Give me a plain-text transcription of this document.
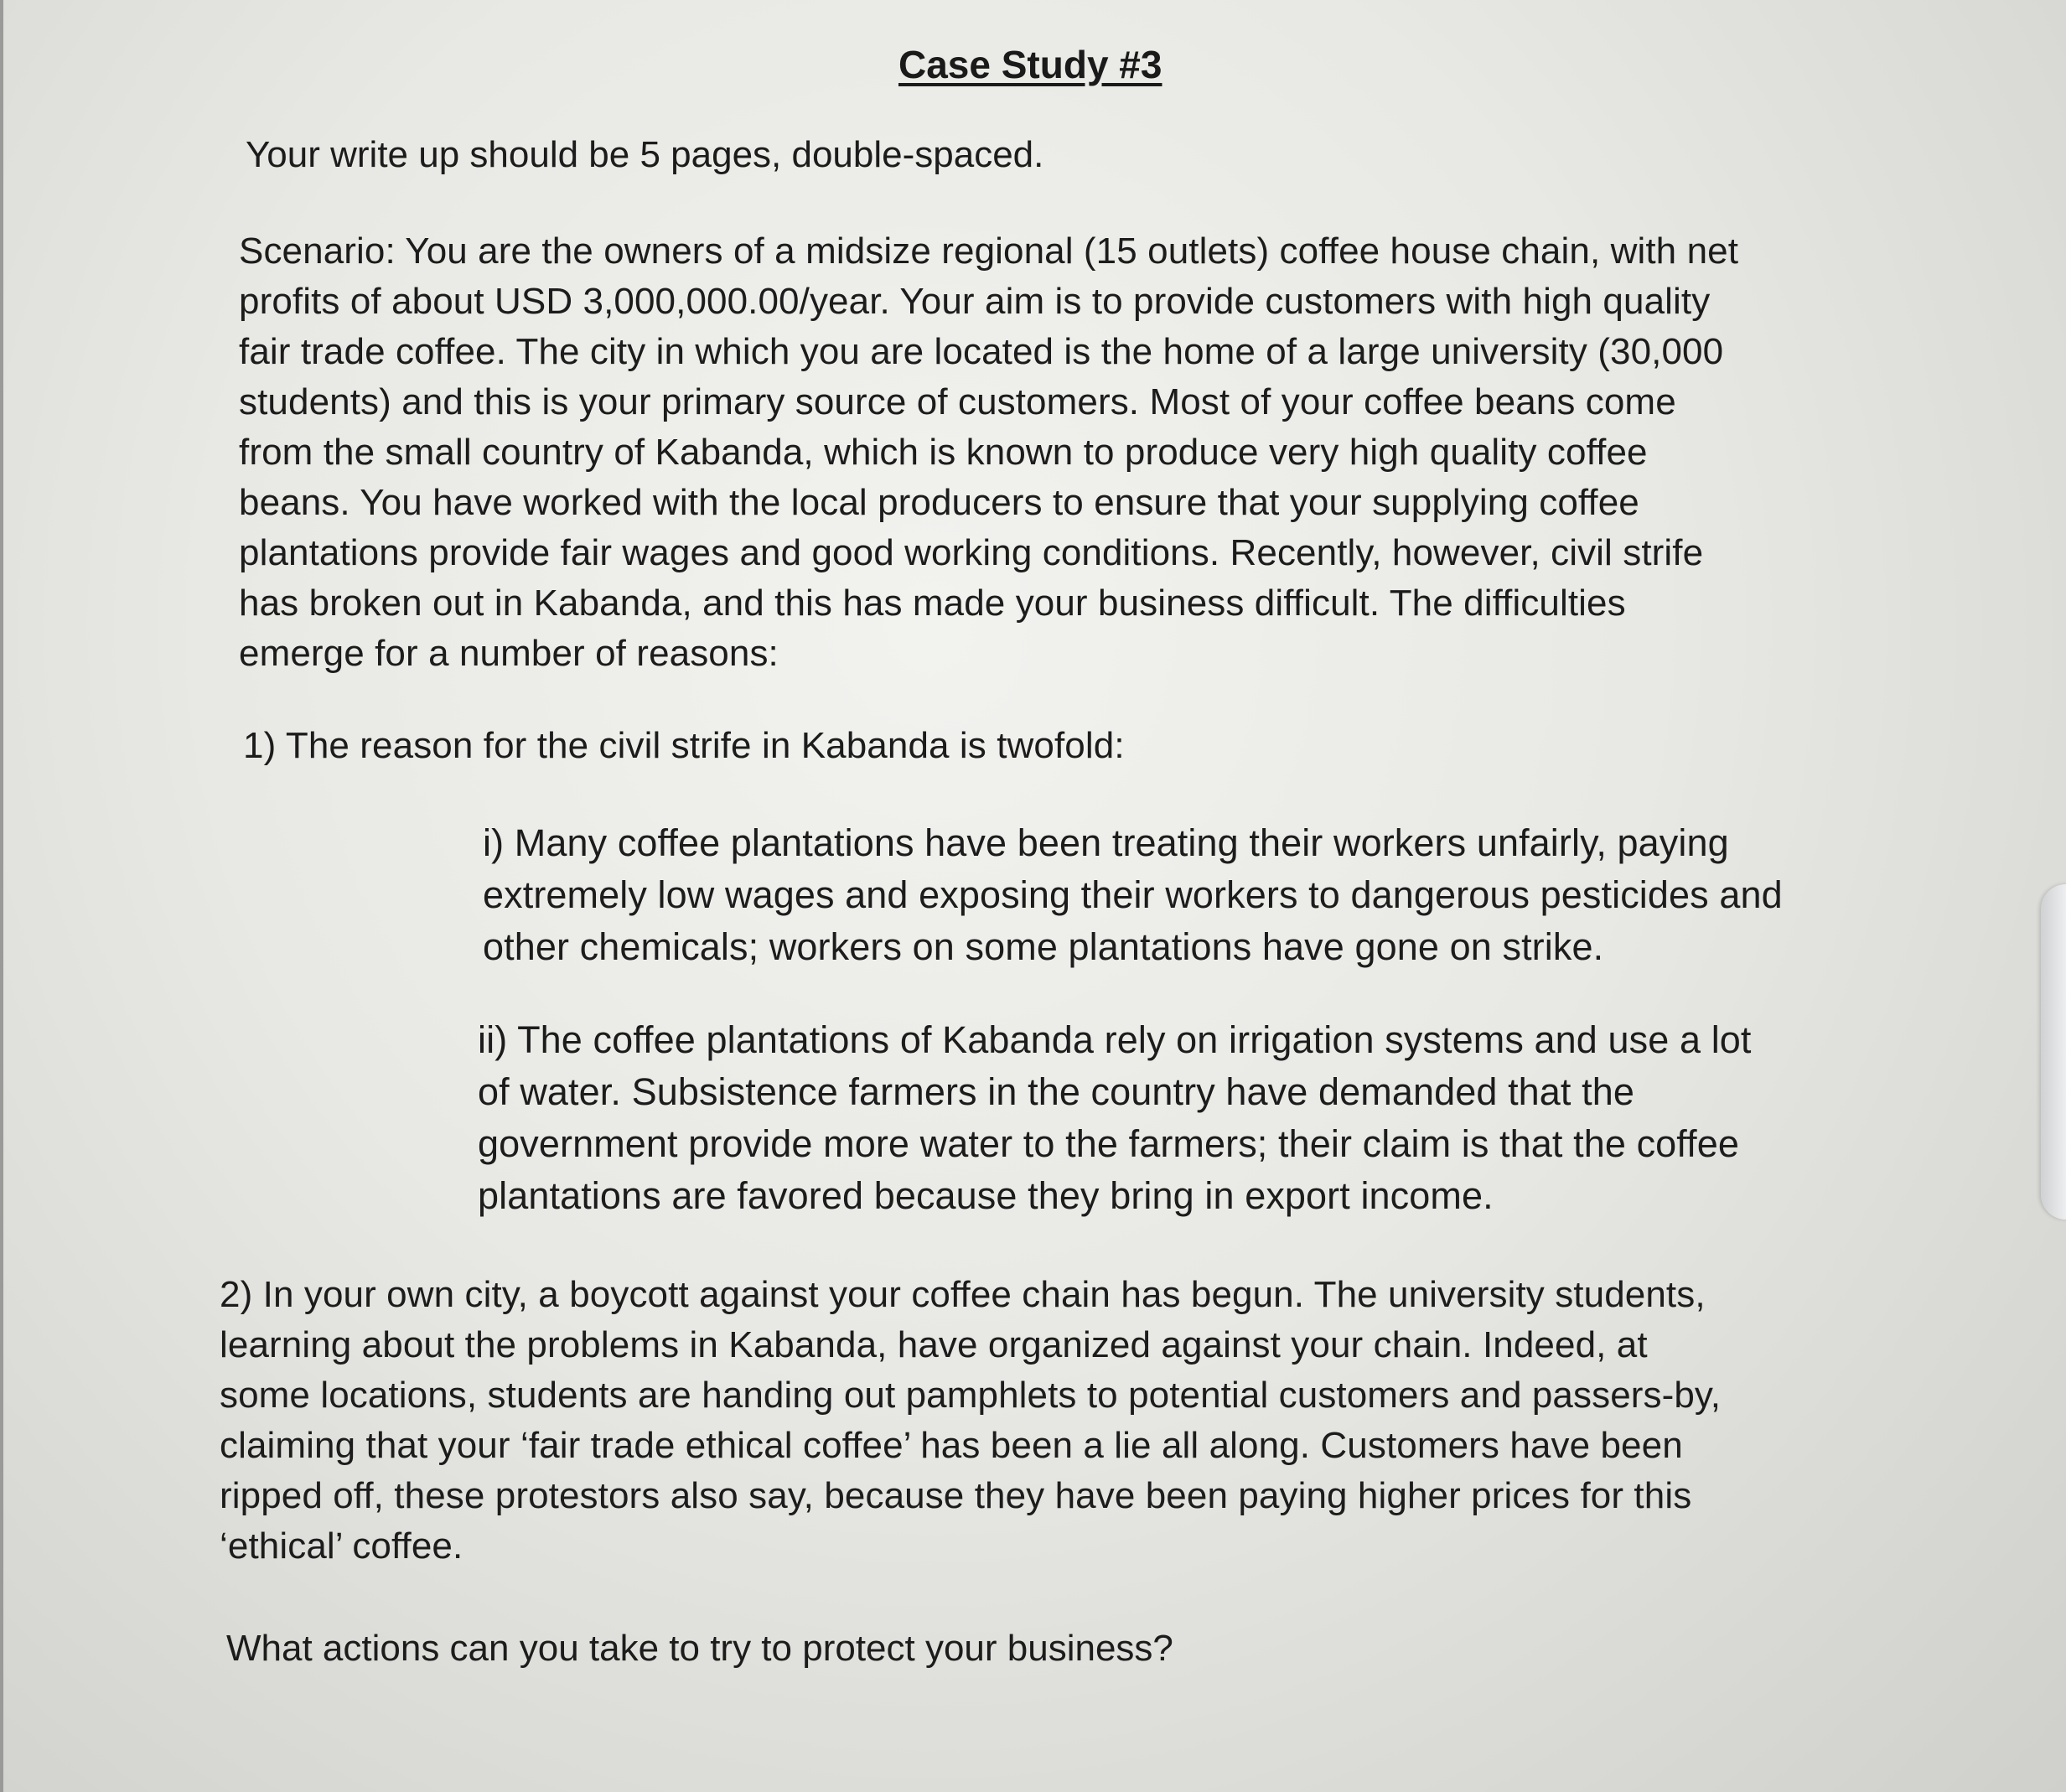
Case Study #3
Your write up should be 5 pages, double-spaced.
Scenario: You are the owners of a midsize regional (15 outlets) coffee house chain, with net
profits of about USD 3,000,000.00/year. Your aim is to provide customers with high quality
fair trade coffee. The city in which you are located is the home of a large university (30,000
students) and this is your primary source of customers. Most of your coffee beans come
from the small country of Kabanda, which is known to produce very high quality coffee
beans. You have worked with the local producers to ensure that your supplying coffee
plantations provide fair wages and good working conditions. Recently, however, civil strife
has broken out in Kabanda, and this has made your business difficult. The difficulties
emerge for a number of reasons:
1) The reason for the civil strife in Kabanda is twofold:
i) Many coffee plantations have been treating their workers unfairly, paying
extremely low wages and exposing their workers to dangerous pesticides and
other chemicals; workers on some plantations have gone on strike.
ii) The coffee plantations of Kabanda rely on irrigation systems and use a lot
of water. Subsistence farmers in the country have demanded that the
government provide more water to the farmers; their claim is that the coffee
plantations are favored because they bring in export income.
2) In your own city, a boycott against your coffee chain has begun. The university students,
learning about the problems in Kabanda, have organized against your chain. Indeed, at
some locations, students are handing out pamphlets to potential customers and passers-by,
claiming that your ‘fair trade ethical coffee’ has been a lie all along. Customers have been
ripped off, these protestors also say, because they have been paying higher prices for this
‘ethical’ coffee.
What actions can you take to try to protect your business?
